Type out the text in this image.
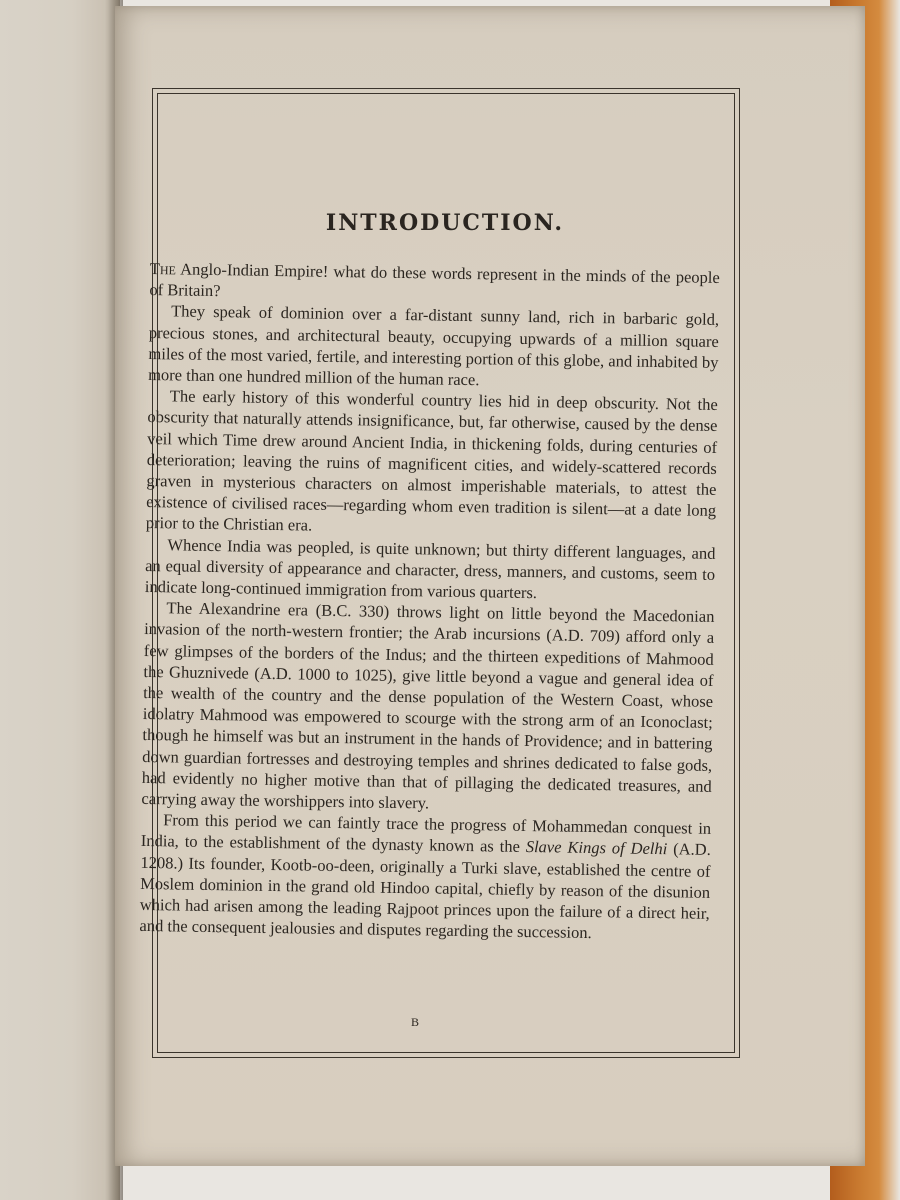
INTRODUCTION.

The Anglo-Indian Empire! what do these words represent in the minds of the people of Britain?

They speak of dominion over a far-distant sunny land, rich in barbaric gold, precious stones, and architectural beauty, occupying upwards of a million square miles of the most varied, fertile, and interesting portion of this globe, and inhabited by more than one hundred million of the human race.

The early history of this wonderful country lies hid in deep obscurity. Not the obscurity that naturally attends insignificance, but, far otherwise, caused by the dense veil which Time drew around Ancient India, in thickening folds, during centuries of deterioration; leaving the ruins of magnificent cities, and widely-scattered records graven in mysterious characters on almost imperishable materials, to attest the existence of civilised races—regarding whom even tradition is silent—at a date long prior to the Christian era.

Whence India was peopled, is quite unknown; but thirty different languages, and an equal diversity of appearance and character, dress, manners, and customs, seem to indicate long-continued immigration from various quarters.

The Alexandrine era (B.C. 330) throws light on little beyond the Macedonian invasion of the north-western frontier; the Arab incursions (A.D. 709) afford only a few glimpses of the borders of the Indus; and the thirteen expeditions of Mahmood the Ghuznivede (A.D. 1000 to 1025), give little beyond a vague and general idea of the wealth of the country and the dense population of the Western Coast, whose idolatry Mahmood was empowered to scourge with the strong arm of an Iconoclast; though he himself was but an instrument in the hands of Providence; and in battering down guardian fortresses and destroying temples and shrines dedicated to false gods, had evidently no higher motive than that of pillaging the dedicated treasures, and carrying away the worshippers into slavery.

From this period we can faintly trace the progress of Mohammedan conquest in India, to the establishment of the dynasty known as the Slave Kings of Delhi (A.D. 1208.) Its founder, Kootb-oo-deen, originally a Turki slave, established the centre of Moslem dominion in the grand old Hindoo capital, chiefly by reason of the disunion which had arisen among the leading Rajpoot princes upon the failure of a direct heir, and the consequent jealousies and disputes regarding the succession.

B
